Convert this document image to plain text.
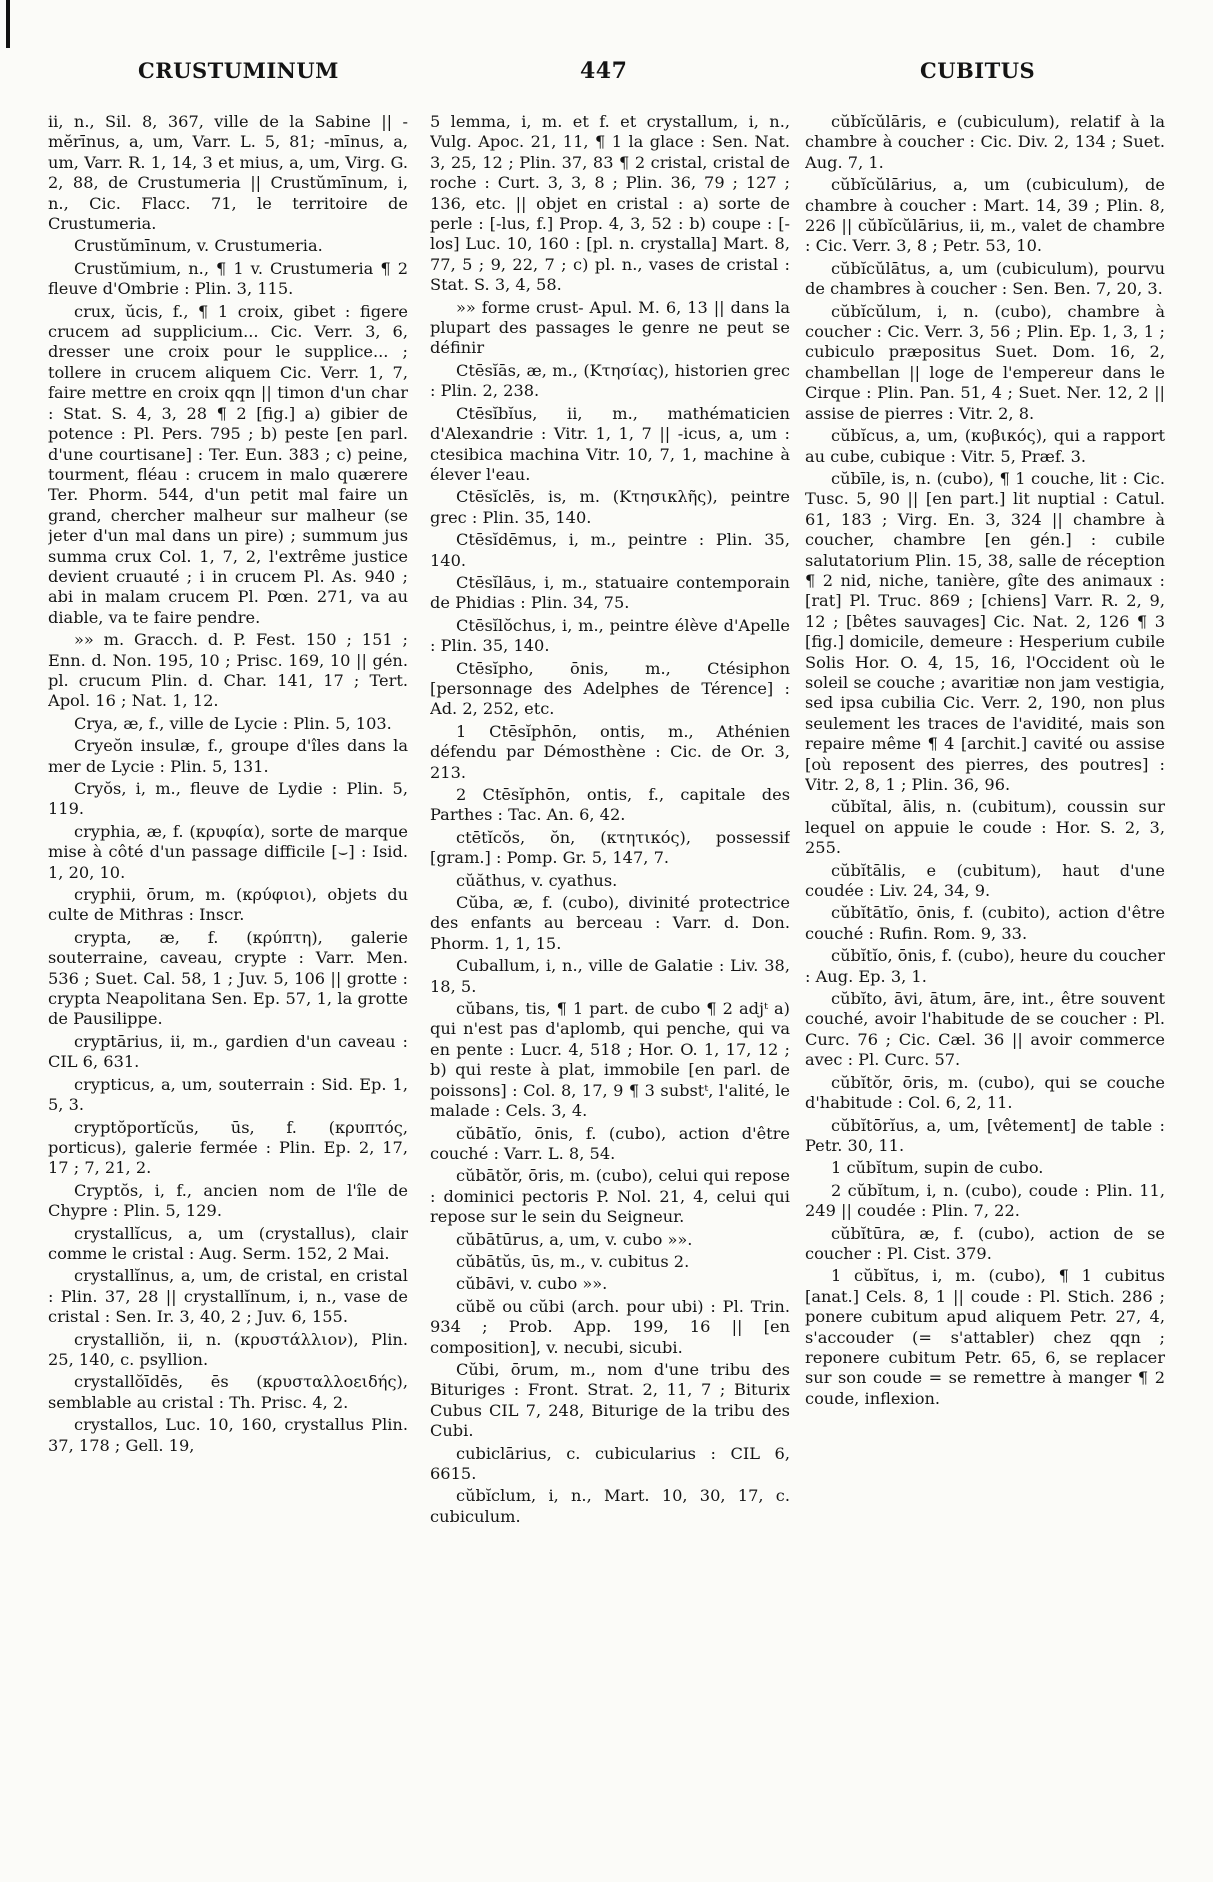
CRUSTUMINUM	447	CUBITUS

ii, n., Sil. 8, 367, ville de la Sabine || -mĕrīnus, a, um, Varr. L. 5, 81; -mīnus, a, um, Varr. R. 1, 14, 3 et mius, a, um, Virg. G. 2, 88, de Crustumeria || Crustŭmīnum, i, n., Cic. Flacc. 71, le territoire de Crustumeria.

Crustŭmīnum, v. Crustumeria.

Crustŭmium, n., ¶ 1 v. Crustumeria ¶ 2 fleuve d'Ombrie : Plin. 3, 115.

crux, ŭcis, f., ¶ 1 croix, gibet : figere crucem ad supplicium... Cic. Verr. 3, 6, dresser une croix pour le supplice... ; tollere in crucem aliquem Cic. Verr. 1, 7, faire mettre en croix qqn || timon d'un char : Stat. S. 4, 3, 28 ¶ 2 [fig.] a) gibier de potence : Pl. Pers. 795 ; b) peste [en parl. d'une courtisane] : Ter. Eun. 383 ; c) peine, tourment, fléau : crucem in malo quærere Ter. Phorm. 544, d'un petit mal faire un grand, chercher malheur sur malheur (se jeter d'un mal dans un pire) ; summum jus summa crux Col. 1, 7, 2, l'extrême justice devient cruauté ; i in crucem Pl. As. 940 ; abi in malam crucem Pl. Pœn. 271, va au diable, va te faire pendre.

»» m. Gracch. d. P. Fest. 150 ; 151 ; Enn. d. Non. 195, 10 ; Prisc. 169, 10 || gén. pl. crucum Plin. d. Char. 141, 17 ; Tert. Apol. 16 ; Nat. 1, 12.

Crya, æ, f., ville de Lycie : Plin. 5, 103.

Cryeŏn insulæ, f., groupe d'îles dans la mer de Lycie : Plin. 5, 131.

Cryŏs, i, m., fleuve de Lydie : Plin. 5, 119.

cryphia, æ, f. (κρυφία), sorte de marque mise à côté d'un passage difficile [⌣] : Isid. 1, 20, 10.

cryphii, ōrum, m. (κρύφιοι), objets du culte de Mithras : Inscr.

crypta, æ, f. (κρύπτη), galerie souterraine, caveau, crypte : Varr. Men. 536 ; Suet. Cal. 58, 1 ; Juv. 5, 106 || grotte : crypta Neapolitana Sen. Ep. 57, 1, la grotte de Pausilippe.

cryptārius, ii, m., gardien d'un caveau : CIL 6, 631.

crypticus, a, um, souterrain : Sid. Ep. 1, 5, 3.

cryptŏportĭcŭs, ūs, f. (κρυπτός, porticus), galerie fermée : Plin. Ep. 2, 17, 17 ; 7, 21, 2.

Cryptŏs, i, f., ancien nom de l'île de Chypre : Plin. 5, 129.

crystallĭcus, a, um (crystallus), clair comme le cristal : Aug. Serm. 152, 2 Mai.

crystallĭnus, a, um, de cristal, en cristal : Plin. 37, 28 || crystallĭnum, i, n., vase de cristal : Sen. Ir. 3, 40, 2 ; Juv. 6, 155.

crystalliŏn, ii, n. (κρυστάλλιον), Plin. 25, 140, c. psyllion.

crystallŏīdēs, ēs (κρυσταλλοειδής), semblable au cristal : Th. Prisc. 4, 2.

crystallos, Luc. 10, 160, crystallus Plin. 37, 178 ; Gell. 19,

5 lemma, i, m. et f. et crystallum, i, n., Vulg. Apoc. 21, 11, ¶ 1 la glace : Sen. Nat. 3, 25, 12 ; Plin. 37, 83 ¶ 2 cristal, cristal de roche : Curt. 3, 3, 8 ; Plin. 36, 79 ; 127 ; 136, etc. || objet en cristal : a) sorte de perle : [-lus, f.] Prop. 4, 3, 52 : b) coupe : [-los] Luc. 10, 160 : [pl. n. crystalla] Mart. 8, 77, 5 ; 9, 22, 7 ; c) pl. n., vases de cristal : Stat. S. 3, 4, 58.

»» forme crust- Apul. M. 6, 13 || dans la plupart des passages le genre ne peut se définir

Ctēsĭās, æ, m., (Κτησίας), historien grec : Plin. 2, 238.

Ctēsĭbĭus, ii, m., mathématicien d'Alexandrie : Vitr. 1, 1, 7 || -icus, a, um : ctesibica machina Vitr. 10, 7, 1, machine à élever l'eau.

Ctēsĭclēs, is, m. (Κτησικλῆς), peintre grec : Plin. 35, 140.

Ctēsĭdēmus, i, m., peintre : Plin. 35, 140.

Ctēsĭlāus, i, m., statuaire contemporain de Phidias : Plin. 34, 75.

Ctēsĭlŏchus, i, m., peintre élève d'Apelle : Plin. 35, 140.

Ctēsĭpho, ōnis, m., Ctésiphon [personnage des Adelphes de Térence] : Ad. 2, 252, etc.

1 Ctēsĭphōn, ontis, m., Athénien défendu par Démosthène : Cic. de Or. 3, 213.

2 Ctēsĭphōn, ontis, f., capitale des Parthes : Tac. An. 6, 42.

ctētĭcŏs, ŏn, (κτητικός), possessif [gram.] : Pomp. Gr. 5, 147, 7.

cŭăthus, v. cyathus.

Cŭba, æ, f. (cubo), divinité protectrice des enfants au berceau : Varr. d. Don. Phorm. 1, 1, 15.

Cuballum, i, n., ville de Galatie : Liv. 38, 18, 5.

cŭbans, tis, ¶ 1 part. de cubo ¶ 2 adjᵗ a) qui n'est pas d'aplomb, qui penche, qui va en pente : Lucr. 4, 518 ; Hor. O. 1, 17, 12 ; b) qui reste à plat, immobile [en parl. de poissons] : Col. 8, 17, 9 ¶ 3 substᵗ, l'alité, le malade : Cels. 3, 4.

cŭbātĭo, ōnis, f. (cubo), action d'être couché : Varr. L. 8, 54.

cŭbātŏr, ōris, m. (cubo), celui qui repose : dominici pectoris P. Nol. 21, 4, celui qui repose sur le sein du Seigneur.

cŭbātūrus, a, um, v. cubo »».

cŭbātŭs, ūs, m., v. cubitus 2.

cŭbāvi, v. cubo »».

cŭbĕ ou cŭbi (arch. pour ubi) : Pl. Trin. 934 ; Prob. App. 199, 16 || [en composition], v. necubi, sicubi.

Cŭbi, ōrum, m., nom d'une tribu des Bituriges : Front. Strat. 2, 11, 7 ; Biturix Cubus CIL 7, 248, Biturige de la tribu des Cubi.

cubiclārius, c. cubicularius : CIL 6, 6615.

cŭbĭclum, i, n., Mart. 10, 30, 17, c. cubiculum.

cŭbĭcŭlāris, e (cubiculum), relatif à la chambre à coucher : Cic. Div. 2, 134 ; Suet. Aug. 7, 1.

cŭbĭcŭlārius, a, um (cubiculum), de chambre à coucher : Mart. 14, 39 ; Plin. 8, 226 || cŭbĭcŭlārius, ii, m., valet de chambre : Cic. Verr. 3, 8 ; Petr. 53, 10.

cŭbĭcŭlātus, a, um (cubiculum), pourvu de chambres à coucher : Sen. Ben. 7, 20, 3.

cŭbĭcŭlum, i, n. (cubo), chambre à coucher : Cic. Verr. 3, 56 ; Plin. Ep. 1, 3, 1 ; cubiculo præpositus Suet. Dom. 16, 2, chambellan || loge de l'empereur dans le Cirque : Plin. Pan. 51, 4 ; Suet. Ner. 12, 2 || assise de pierres : Vitr. 2, 8.

cŭbĭcus, a, um, (κυβικός), qui a rapport au cube, cubique : Vitr. 5, Præf. 3.

cŭbīle, is, n. (cubo), ¶ 1 couche, lit : Cic. Tusc. 5, 90 || [en part.] lit nuptial : Catul. 61, 183 ; Virg. En. 3, 324 || chambre à coucher, chambre [en gén.] : cubile salutatorium Plin. 15, 38, salle de réception ¶ 2 nid, niche, tanière, gîte des animaux : [rat] Pl. Truc. 869 ; [chiens] Varr. R. 2, 9, 12 ; [bêtes sauvages] Cic. Nat. 2, 126 ¶ 3 [fig.] domicile, demeure : Hesperium cubile Solis Hor. O. 4, 15, 16, l'Occident où le soleil se couche ; avaritiæ non jam vestigia, sed ipsa cubilia Cic. Verr. 2, 190, non plus seulement les traces de l'avidité, mais son repaire même ¶ 4 [archit.] cavité ou assise [où reposent des pierres, des poutres] : Vitr. 2, 8, 1 ; Plin. 36, 96.

cŭbĭtal, ālis, n. (cubitum), coussin sur lequel on appuie le coude : Hor. S. 2, 3, 255.

cŭbĭtālis, e (cubitum), haut d'une coudée : Liv. 24, 34, 9.

cŭbĭtātĭo, ōnis, f. (cubito), action d'être couché : Rufin. Rom. 9, 33.

cŭbĭtĭo, ōnis, f. (cubo), heure du coucher : Aug. Ep. 3, 1.

cŭbĭto, āvi, ātum, āre, int., être souvent couché, avoir l'habitude de se coucher : Pl. Curc. 76 ; Cic. Cæl. 36 || avoir commerce avec : Pl. Curc. 57.

cŭbĭtŏr, ōris, m. (cubo), qui se couche d'habitude : Col. 6, 2, 11.

cŭbĭtōrĭus, a, um, [vêtement] de table : Petr. 30, 11.

1 cŭbĭtum, supin de cubo.

2 cŭbĭtum, i, n. (cubo), coude : Plin. 11, 249 || coudée : Plin. 7, 22.

cŭbĭtūra, æ, f. (cubo), action de se coucher : Pl. Cist. 379.

1 cŭbĭtus, i, m. (cubo), ¶ 1 cubitus [anat.] Cels. 8, 1 || coude : Pl. Stich. 286 ; ponere cubitum apud aliquem Petr. 27, 4, s'accouder (= s'attabler) chez qqn ; reponere cubitum Petr. 65, 6, se replacer sur son coude = se remettre à manger ¶ 2 coude, inflexion.
